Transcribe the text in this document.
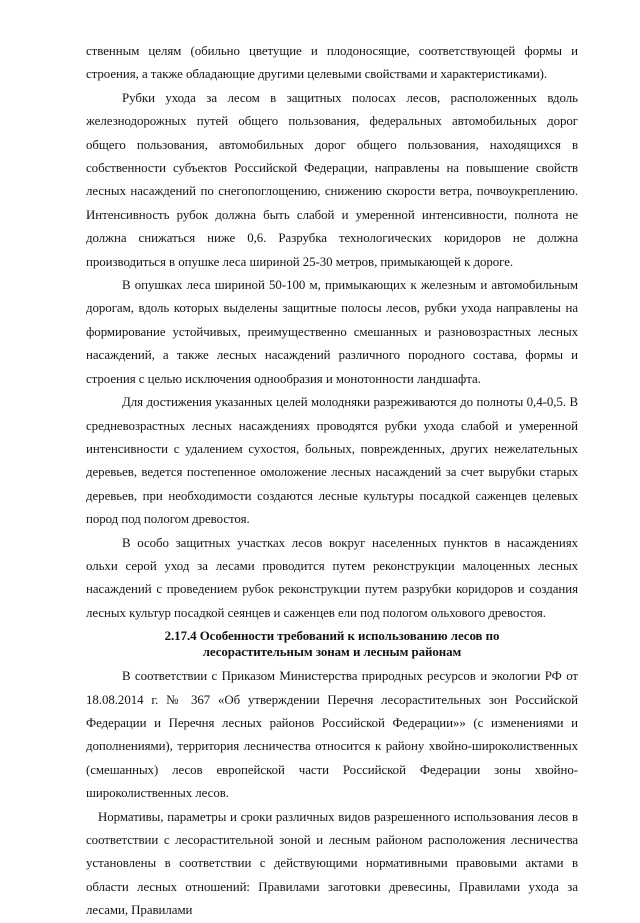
ственным целям (обильно цветущие и плодоносящие, соответствующей формы и строения, а также обладающие другими целевыми свойствами и характеристиками).

Рубки ухода за лесом в защитных полосах лесов, расположенных вдоль железнодорожных путей общего пользования, федеральных автомобильных дорог общего пользования, автомобильных дорог общего пользования, находящихся в собственности субъектов Российской Федерации, направлены на повышение свойств лесных насаждений по снегопоглощению, снижению скорости ветра, почвоукреплению. Интенсивность рубок должна быть слабой и умеренной интенсивности, полнота не должна снижаться ниже 0,6. Разрубка технологических коридоров не должна производиться в опушке леса шириной 25-30 метров, примыкающей к дороге.

В опушках леса шириной 50-100 м, примыкающих к железным и автомобильным дорогам, вдоль которых выделены защитные полосы лесов, рубки ухода направлены на формирование устойчивых, преимущественно смешанных и разновозрастных лесных насаждений, а также лесных насаждений различного породного состава, формы и строения с целью исключения однообразия и монотонности ландшафта.

Для достижения указанных целей молодняки разреживаются до полноты 0,4-0,5. В средневозрастных лесных насаждениях проводятся рубки ухода слабой и умеренной интенсивности с удалением сухостоя, больных, поврежденных, других нежелательных деревьев, ведется постепенное омоложение лесных насаждений за счет вырубки старых деревьев, при необходимости создаются лесные культуры посадкой саженцев целевых пород под пологом древостоя.

В особо защитных участках лесов вокруг населенных пунктов в насаждениях ольхи серой уход за лесами проводится путем реконструкции малоценных лесных насаждений с проведением рубок реконструкции путем разрубки коридоров и создания лесных культур посадкой сеянцев и саженцев ели под пологом ольхового древостоя.

2.17.4 Особенности требований к использованию лесов по
лесорастительным зонам и лесным районам

В соответствии с Приказом Министерства природных ресурсов и экологии РФ от 18.08.2014 г. № 367 «Об утверждении Перечня лесорастительных зон Российской Федерации и Перечня лесных районов Российской Федерации»» (с изменениями и дополнениями), территория лесничества относится к району хвойно-широколиственных (смешанных) лесов европейской части Российской Федерации зоны хвойно-широколиственных лесов.

Нормативы, параметры и сроки различных видов разрешенного использования лесов в соответствии с лесорастительной зоной и лесным районом расположения лесничества установлены в соответствии с действующими нормативными правовыми актами в области лесных отношений: Правилами заготовки древесины, Правилами ухода за лесами, Правилами
